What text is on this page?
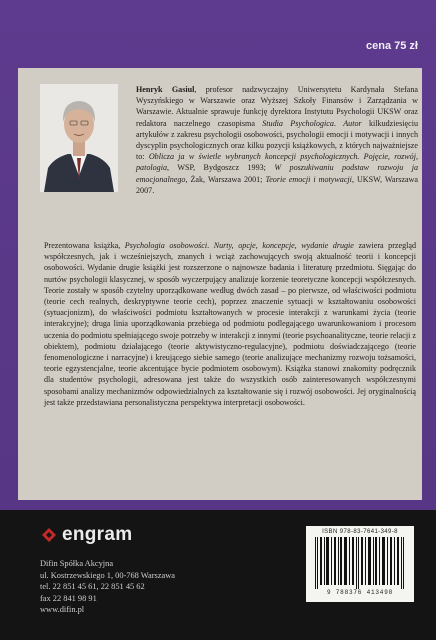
cena 75 zł
Henryk Gasiul, profesor nadzwyczajny Uniwersytetu Kardynała Stefana Wyszyńskiego w Warszawie oraz Wyższej Szkoły Finansów i Zarządzania w Warszawie. Aktualnie sprawuje funkcję dyrektora Instytutu Psychologii UKSW oraz redaktora naczelnego czasopisma Studia Psychologica. Autor kilkudziesięciu artykułów z zakresu psychologii osobowości, psychologii emocji i motywacji i innych dyscyplin psychologicznych oraz kilku pozycji książkowych, z których najważniejsze to: Oblicza ja w świetle wybranych koncepcji psychologicznych. Pojęcie, rozwój, patologia, WSP, Bydgoszcz 1993; W poszukiwaniu podstaw rozwoju ja emocjonalnego, Żak, Warszawa 2001; Teorie emocji i motywacji, UKSW, Warszawa 2007.
Prezentowana książka, Psychologia osobowości. Nurty, opcje, koncepcje, wydanie drugie zawiera przegląd współczesnych, jak i wcześniejszych, znanych i wciąż zachowujących swoją aktualność teorii i koncepcji osobowości. Wydanie drugie książki jest rozszerzone o najnowsze badania i literaturę przedmiotu. Sięgając do nurtów psychologii klasycznej, w sposób wyczerpujący analizuje korzenie teoretyczne koncepcji współczesnych. Teorie zostały w sposób czytelny uporządkowane według dwóch zasad – po pierwsze, od właściwości podmiotu (teorie cech realnych, deskryptywne teorie cech), poprzez znaczenie sytuacji w kształtowaniu osobowości (sytuacjonizm), do właściwości podmiotu kształtowanych w procesie interakcji z warunkami życia (teorie interakcyjne); druga linia uporządkowania przebiega od podmiotu podlegającego uwarunkowaniom i procesom uczenia do podmiotu spełniającego swoje potrzeby w interakcji z innymi (teorie psychoanalityczne, teorie relacji z obiektem), podmiotu działającego (teorie aktywistyczno-regulacyjne), podmiotu doświadczającego (teorie fenomenologiczne i narracyjne) i kreującego siebie samego (teorie analizujące mechanizmy rozwoju tożsamości, teorie egzystencjalne, teorie akcentujące bycie podmiotem osobowym). Książka stanowi znakomity podręcznik dla studentów psychologii, adresowana jest także do wszystkich osób zainteresowanych współczesnymi sposobami analizy mechanizmów odpowiedzialnych za kształtowanie się i rozwój osobowości. Jej oryginalnością jest także przedstawiana personalistyczna perspektywa interpretacji osobowości.
engram
Difin Spółka Akcyjna
ul. Kostrzewskiego 1, 00-768 Warszawa
tel. 22 851 45 61, 22 851 45 62
fax 22 841 98 91
www.difin.pl
ISBN 978-83-7641-349-8
9 788376 413498
